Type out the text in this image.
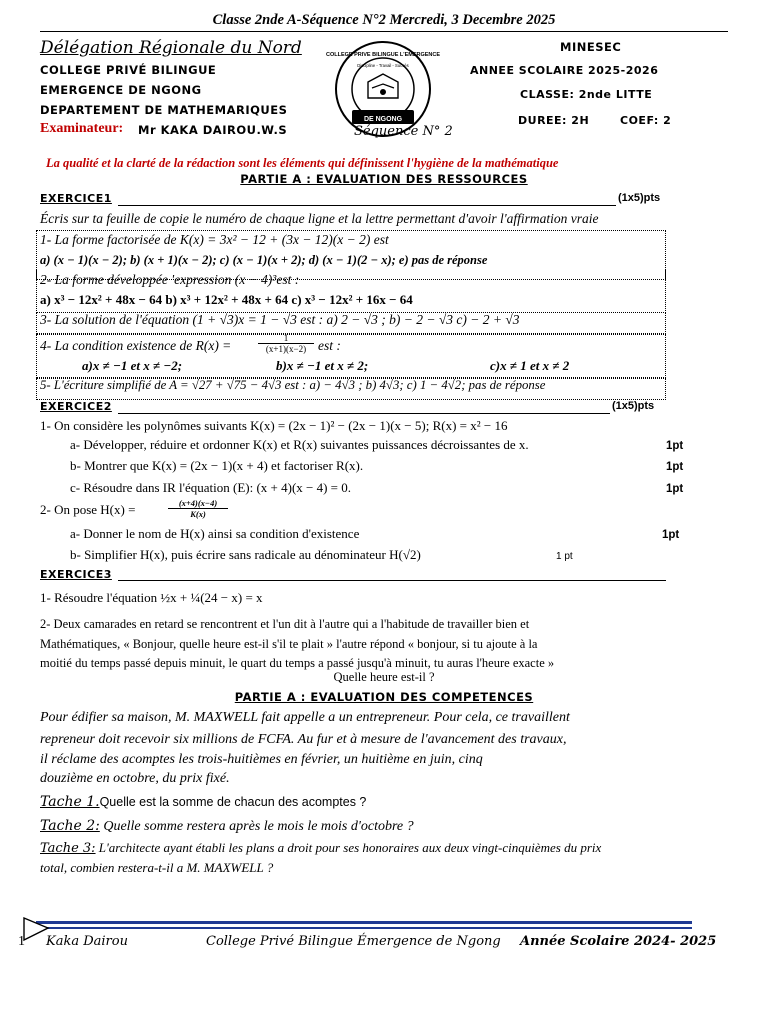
Classe 2nde A-Séquence N°2 Mercredi, 3 Decembre 2025
Délégation Régionale du Nord
COLLEGE PRIVÉ BILINGUE
EMERGENCE DE NGONG
DEPARTEMENT DE MATHEMARIQUES
Examinateur: Mr KAKA DAIROU.W.S
DE NGONG
COLLEGE PRIVE BILINGUE L'EMERGENCE
Discipline - Travail - Succès
Séquence N° 2
MINESEC
ANNEE SCOLAIRE 2025-2026
CLASSE: 2nde LITTE
DUREE: 2H	COEF: 2
La qualité et la clarté de la rédaction sont les éléments qui définissent l'hygiène de la mathématique
PARTIE A : EVALUATION DES RESSOURCES
EXERCICE1	(1x5)pts
Écris sur ta feuille de copie le numéro de chaque ligne et la lettre permettant d'avoir l'affirmation vraie
1- La forme factorisée de K(x) = 3x² − 12 + (3x − 12)(x − 2) est
a) (x − 1)(x − 2); b) (x + 1)(x − 2); c) (x − 1)(x + 2); d) (x − 1)(2 − x); e) pas de réponse
2- La forme développée 'expression (x − 4)³est :
a) x³ − 12x² + 48x − 64 b) x³ + 12x² + 48x + 64 c) x³ − 12x² + 16x − 64
3- La solution de l'équation (1 + √3)x = 1 − √3 est : a) 2 − √3 ; b) − 2 − √3 c) − 2 + √3
4- La condition existence de R(x) =	$\frac{1}{(x+1)(x-2)}$ est :
a)x ≠ −1 et x ≠ −2;	b)x ≠ −1 et x ≠ 2;	c)x ≠ 1 et x ≠ 2
5- L'écriture simplifié de A = √27 + √75 − 4√3 est : a) − 4√3 ; b) 4√3; c) 1 − 4√2; pas de réponse
EXERCICE2	(1x5)pts
1- On considère les polynômes suivants K(x) = (2x − 1)² − (2x − 1)(x − 5); R(x) = x² − 16
a- Développer, réduire et ordonner K(x) et R(x) suivantes puissances décroissantes de x.	1pt
b- Montrer que K(x) = (2x − 1)(x + 4) et factoriser R(x).	1pt
c- Résoudre dans IR l'équation (E): (x + 4)(x − 4) = 0.	1pt
2- On pose H(x) =	$\frac{(x+4)(x-4)}{K(x)}$
a- Donner le nom de H(x) ainsi sa condition d'existence	1pt
b- Simplifier H(x), puis écrire sans radicale au dénominateur H(√2)	1 pt
EXERCICE3
1- Résoudre l'équation ½x + ¼(24 − x) = x
2- Deux camarades en retard se rencontrent et l'un dit à l'autre qui a l'habitude de travailler bien et
Mathématiques, « Bonjour, quelle heure est-il s'il te plait » l'autre répond « bonjour, si tu ajoute à la
moitié du temps passé depuis minuit, le quart du temps a passé jusqu'à minuit, tu auras l'heure exacte »
Quelle heure est-il ?
PARTIE A : EVALUATION DES COMPETENCES
Pour édifier sa maison, M. MAXWELL fait appelle a un entrepreneur. Pour cela, ce travaillent
repreneur doit recevoir six millions de FCFA. Au fur et à mesure de l'avancement des travaux,
il réclame des acomptes les trois-huitièmes en février, un huitième en juin, cinq
douzième en octobre, du prix fixé.
Tache 1.Quelle est la somme de chacun des acomptes ?
Tache 2: Quelle somme restera après le mois le mois d'octobre ?
Tache 3: L'architecte ayant établi les plans a droit pour ses honoraires aux deux vingt-cinquièmes du prix
total, combien restera-t-il a M. MAXWELL ?
1 Kaka Dairou	College Privé Bilingue Émergence de Ngong Année Scolaire 2024- 2025
